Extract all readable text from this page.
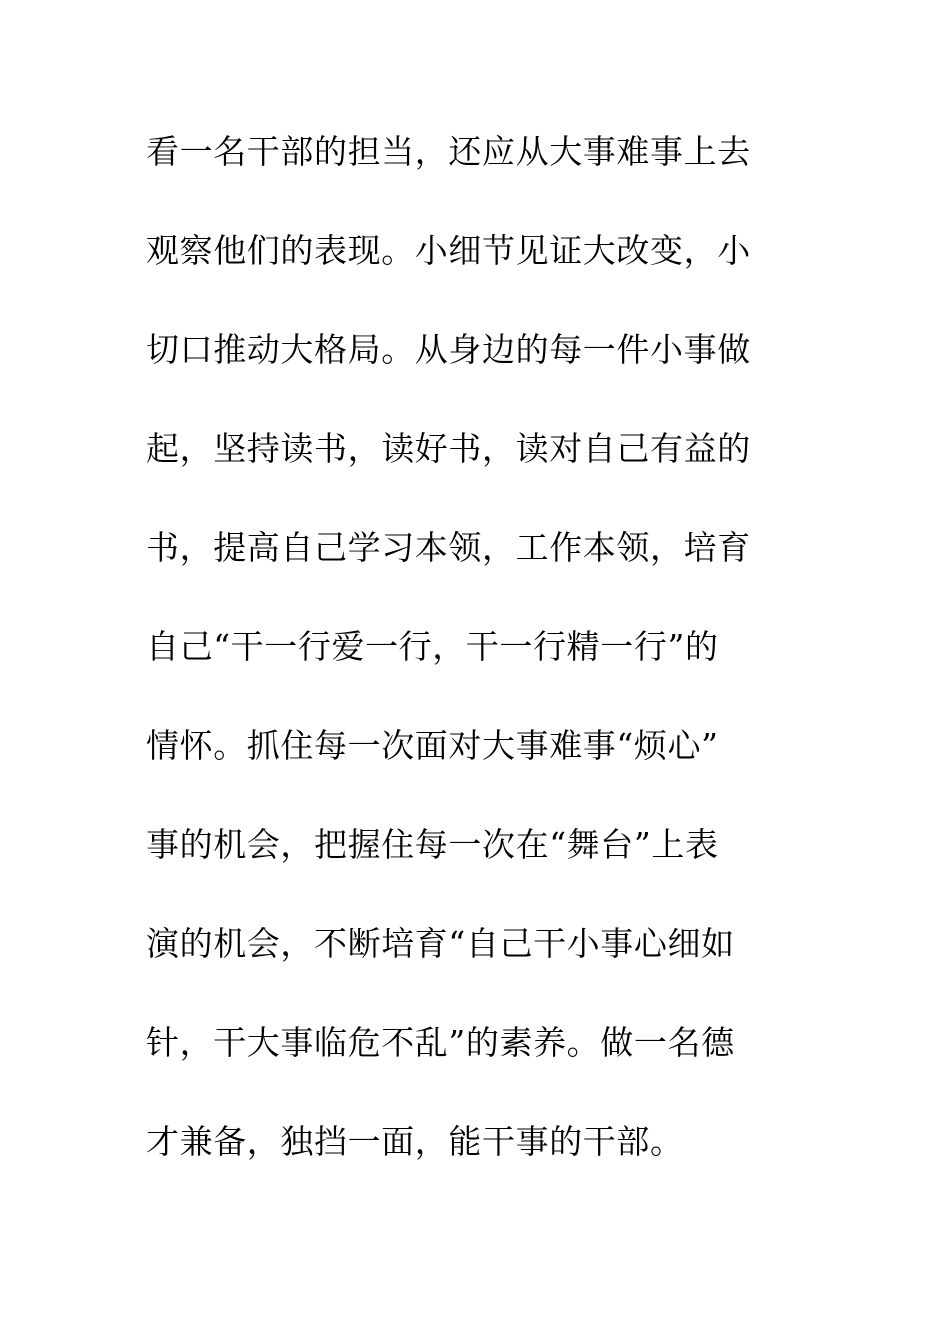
看一名干部的担当，还应从大事难事上去
观察他们的表现。小细节见证大改变，小
切口推动大格局。从身边的每一件小事做
起，坚持读书，读好书，读对自己有益的
书，提高自己学习本领，工作本领，培育
自己“干一行爱一行，干一行精一行”的
情怀。抓住每一次面对大事难事“烦心”
事的机会，把握住每一次在“舞台”上表
演的机会，不断培育“自己干小事心细如
针，干大事临危不乱”的素养。做一名德
才兼备，独挡一面，能干事的干部。
